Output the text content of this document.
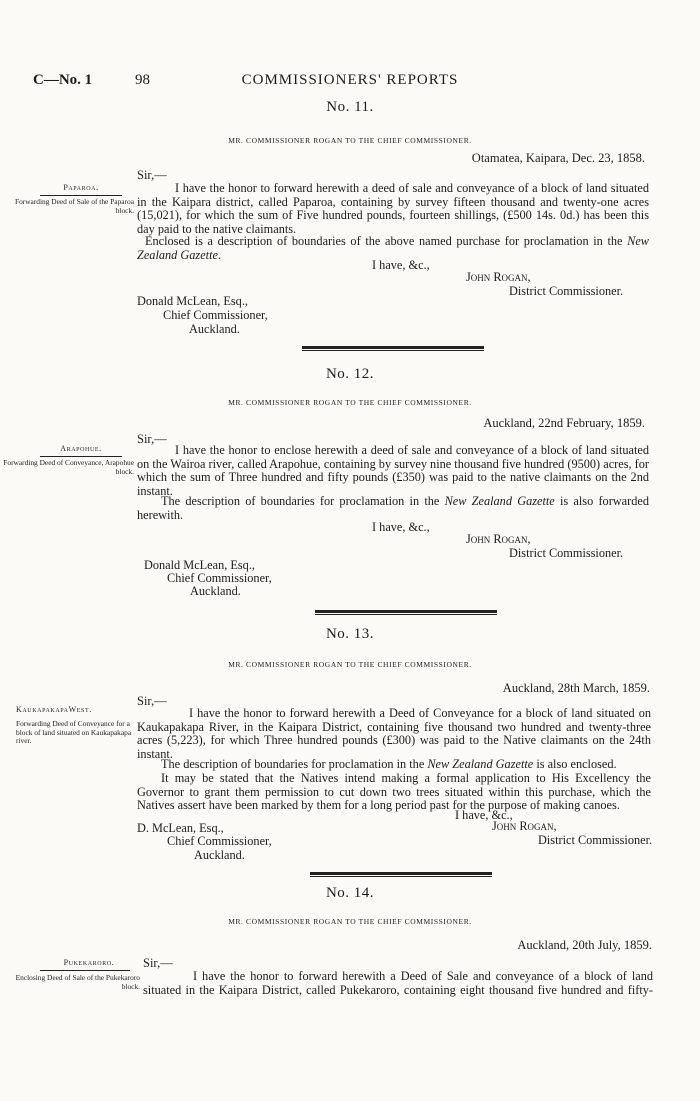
C—No. 1	98	COMMISSIONERS' REPORTS
No. 11.
MR. COMMISSIONER ROGAN TO THE CHIEF COMMISSIONER.
Otamatea, Kaipara, Dec. 23, 1858.
Sir,—
Paparoa.
Forwarding Deed of Sale of the Paparoa block.
I have the honor to forward herewith a deed of sale and conveyance of a block of land situated in the Kaipara district, called Paparoa, containing by survey fifteen thousand and twenty-one acres (15,021), for which the sum of Five hundred pounds, fourteen shillings, (£500 14s. 0d.) has been this day paid to the native claimants.
Enclosed is a description of boundaries of the above named purchase for proclamation in the New Zealand Gazette.
I have, &c.,
John Rogan,
District Commissioner.
Donald McLean, Esq.,
Chief Commissioner,
Auckland.
No. 12.
MR. COMMISSIONER ROGAN TO THE CHIEF COMMISSIONER.
Auckland, 22nd February, 1859.
Sir,—
Arapohue.
Forwarding Deed of Conveyance, Arapohue block.
I have the honor to enclose herewith a deed of sale and conveyance of a block of land situated on the Wairoa river, called Arapohue, containing by survey nine thousand five hundred (9500) acres, for which the sum of Three hundred and fifty pounds (£350) was paid to the native claimants on the 2nd instant.
The description of boundaries for proclamation in the New Zealand Gazette is also forwarded herewith.
I have, &c.,
John Rogan,
District Commissioner.
Donald McLean, Esq.,
Chief Commissioner,
Auckland.
No. 13.
MR. COMMISSIONER ROGAN TO THE CHIEF COMMISSIONER.
Auckland, 28th March, 1859.
Sir,—
KaukapakapaWest.
Forwarding Deed of Conveyance for a block of land situated on Kaukapakapa river.
I have the honor to forward herewith a Deed of Conveyance for a block of land situated on Kaukapakapa River, in the Kaipara District, containing five thousand two hundred and twenty-three acres (5,223), for which Three hundred pounds (£300) was paid to the Native claimants on the 24th instant.
The description of boundaries for proclamation in the New Zealand Gazette is also enclosed.
It may be stated that the Natives intend making a formal application to His Excellency the Governor to grant them permission to cut down two trees situated within this purchase, which the Natives assert have been marked by them for a long period past for the purpose of making canoes.
I have, &c.,
John Rogan,
District Commissioner.
D. McLean, Esq.,
Chief Commissioner,
Auckland.
No. 14.
MR. COMMISSIONER ROGAN TO THE CHIEF COMMISSIONER.
Auckland, 20th July, 1859.
Sir,—
Pukekaroro.
Enclosing Deed of Sale of the Pukekaroro block.
I have the honor to forward herewith a Deed of Sale and conveyance of a block of land situated in the Kaipara District, called Pukekaroro, containing eight thousand five hundred and fifty-
